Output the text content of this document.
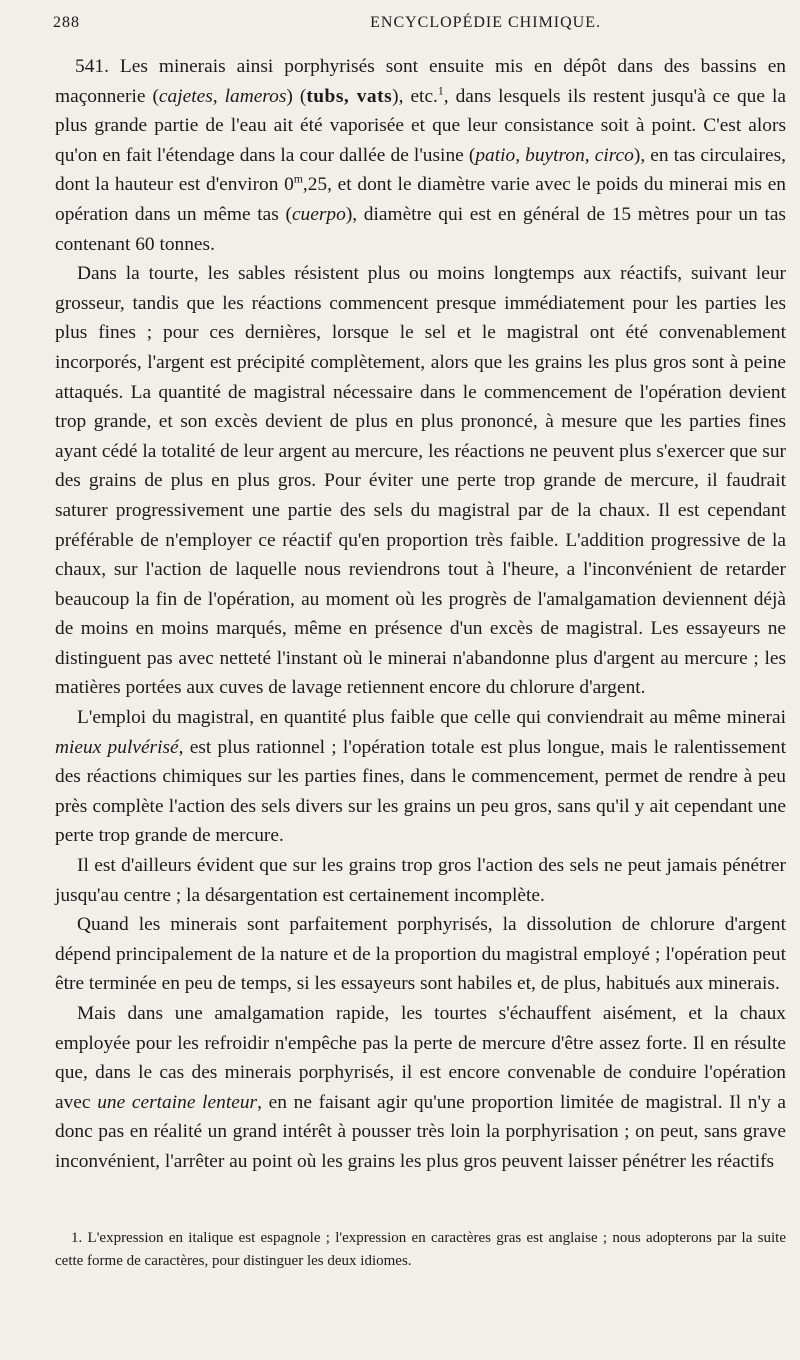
288	ENCYCLOPÉDIE CHIMIQUE.

541. Les minerais ainsi porphyrisés sont ensuite mis en dépôt dans des bassins en maçonnerie (cajetes, lameros) (tubs, vats), etc.$^1$, dans lesquels ils restent jusqu'à ce que la plus grande partie de l'eau ait été vaporisée et que leur consistance soit à point. C'est alors qu'on en fait l'étendage dans la cour dallée de l'usine (patio, buytron, circo), en tas circulaires, dont la hauteur est d'environ 0$^m$,25, et dont le diamètre varie avec le poids du minerai mis en opération dans un même tas (cuerpo), diamètre qui est en général de 15 mètres pour un tas contenant 60 tonnes.

Dans la tourte, les sables résistent plus ou moins longtemps aux réactifs, suivant leur grosseur, tandis que les réactions commencent presque immédiatement pour les parties les plus fines ; pour ces dernières, lorsque le sel et le magistral ont été convenablement incorporés, l'argent est précipité complètement, alors que les grains les plus gros sont à peine attaqués. La quantité de magistral nécessaire dans le commencement de l'opération devient trop grande, et son excès devient de plus en plus prononcé, à mesure que les parties fines ayant cédé la totalité de leur argent au mercure, les réactions ne peuvent plus s'exercer que sur des grains de plus en plus gros. Pour éviter une perte trop grande de mercure, il faudrait saturer progressivement une partie des sels du magistral par de la chaux. Il est cependant préférable de n'employer ce réactif qu'en proportion très faible. L'addition progressive de la chaux, sur l'action de laquelle nous reviendrons tout à l'heure, a l'inconvénient de retarder beaucoup la fin de l'opération, au moment où les progrès de l'amalgamation deviennent déjà de moins en moins marqués, même en présence d'un excès de magistral. Les essayeurs ne distinguent pas avec netteté l'instant où le minerai n'abandonne plus d'argent au mercure ; les matières portées aux cuves de lavage retiennent encore du chlorure d'argent.

L'emploi du magistral, en quantité plus faible que celle qui conviendrait au même minerai mieux pulvérisé, est plus rationnel ; l'opération totale est plus longue, mais le ralentissement des réactions chimiques sur les parties fines, dans le commencement, permet de rendre à peu près complète l'action des sels divers sur les grains un peu gros, sans qu'il y ait cependant une perte trop grande de mercure.

Il est d'ailleurs évident que sur les grains trop gros l'action des sels ne peut jamais pénétrer jusqu'au centre ; la désargentation est certainement incomplète.

Quand les minerais sont parfaitement porphyrisés, la dissolution de chlorure d'argent dépend principalement de la nature et de la proportion du magistral employé ; l'opération peut être terminée en peu de temps, si les essayeurs sont habiles et, de plus, habitués aux minerais.

Mais dans une amalgamation rapide, les tourtes s'échauffent aisément, et la chaux employée pour les refroidir n'empêche pas la perte de mercure d'être assez forte. Il en résulte que, dans le cas des minerais porphyrisés, il est encore convenable de conduire l'opération avec une certaine lenteur, en ne faisant agir qu'une proportion limitée de magistral. Il n'y a donc pas en réalité un grand intérêt à pousser très loin la porphyrisation ; on peut, sans grave inconvénient, l'arrêter au point où les grains les plus gros peuvent laisser pénétrer les réactifs

1. L'expression en italique est espagnole ; l'expression en caractères gras est anglaise ; nous adopterons par la suite cette forme de caractères, pour distinguer les deux idiomes.
